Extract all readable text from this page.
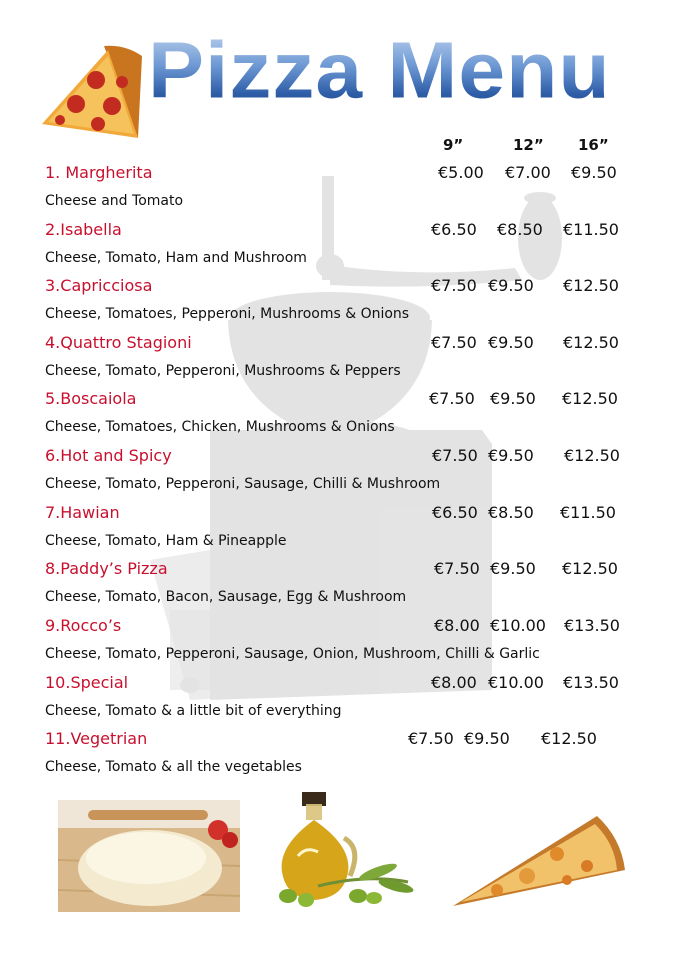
Pizza Menu
9”	12” 16”
1. Margherita	€5.00 €7.00 €9.50
Cheese and Tomato
2.Isabella	€6.50 €8.50 €11.50
Cheese, Tomato, Ham and Mushroom
3.Capricciosa	€7.50 €9.50 €12.50
Cheese, Tomatoes, Pepperoni, Mushrooms & Onions
4.Quattro Stagioni	€7.50 €9.50 €12.50
Cheese, Tomato, Pepperoni, Mushrooms & Peppers
5.Boscaiola	€7.50 €9.50 €12.50
Cheese, Tomatoes, Chicken, Mushrooms & Onions
6.Hot and Spicy	€7.50 €9.50 €12.50
Cheese, Tomato, Pepperoni, Sausage, Chilli & Mushroom
7.Hawian	€6.50 €8.50 €11.50
Cheese, Tomato, Ham & Pineapple
8.Paddy’s Pizza	€7.50 €9.50 €12.50
Cheese, Tomato, Bacon, Sausage, Egg & Mushroom
9.Rocco’s	€8.00 €10.00 €13.50
Cheese, Tomato, Pepperoni, Sausage, Onion, Mushroom, Chilli & Garlic
10.Special	€8.00 €10.00 €13.50
Cheese, Tomato & a little bit of everything
11.Vegetrian	€7.50 €9.50 €12.50
Cheese, Tomato & all the vegetables
